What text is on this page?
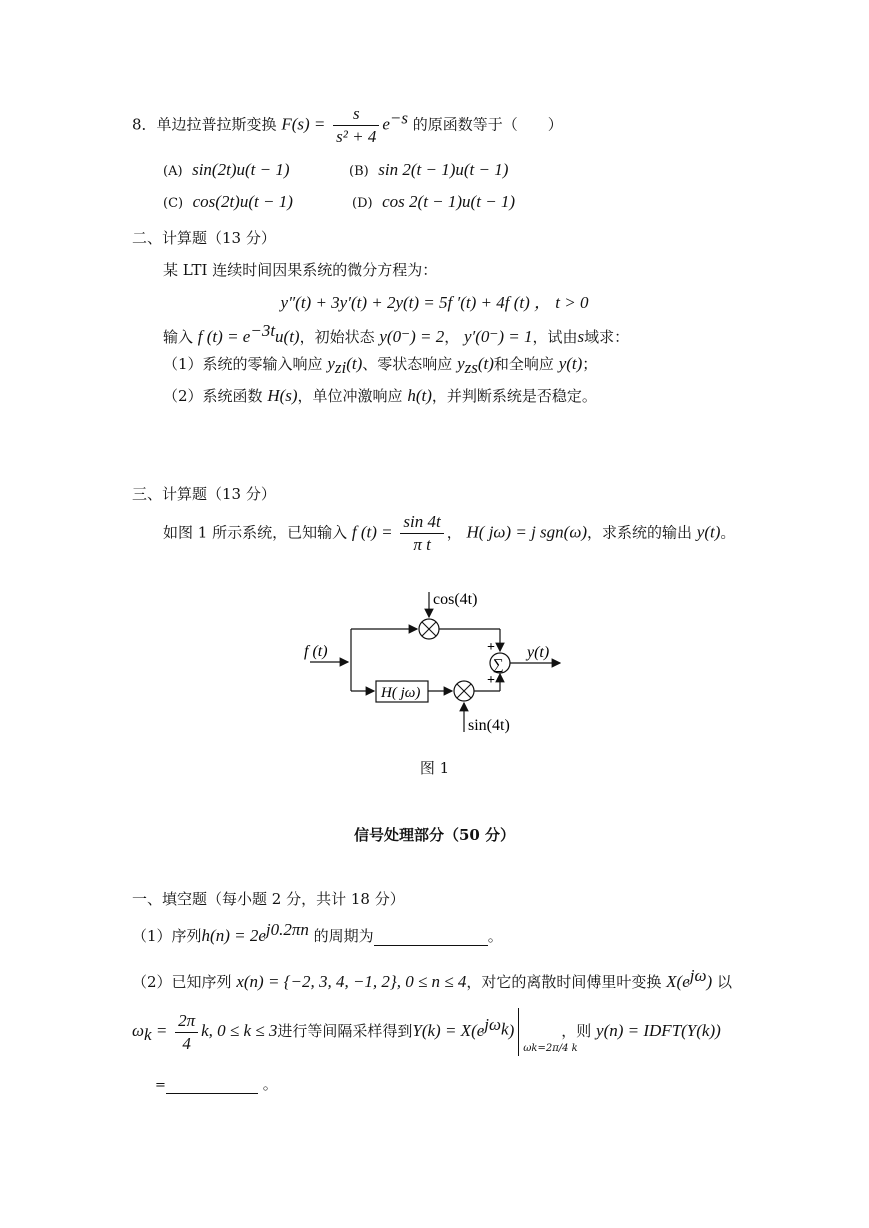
8．单边拉普拉斯变换 $F(s) = \frac{s}{\text{s² + 4}} e^{-s}$ 的原函数等于（　　）
(A) sin(2t)u(t − 1)	(B) sin 2(t − 1)u(t − 1)
(C) cos(2t)u(t − 1)	(D) cos 2(t − 1)u(t − 1)
二、计算题（13 分）
某 LTI 连续时间因果系统的微分方程为：
y″(t) + 3y′(t) + 2y(t) = 5f ′(t) + 4f (t) ， t > 0
输入 f $(t) = e^{-3t}u(t)$，初始状态 y(0⁻) = 2， y′(0⁻) = 1，试由s域求：
（1）系统的零输入响应 $y_{zi}(t)$、零状态响应 $y_{zs}(t)$和全响应 y(t)；
（2）系统函数 H(s)，单位冲激响应 h(t)，并判断系统是否稳定。
三、计算题（13 分）
如图 1 所示系统，已知输入 f $(t) = \frac{\sin 4t}{\text{π t}}$ ， H( jω) = j sgn(ω)，求系统的输出 y(t)。
cos(4t)
H( jω)
sin(4t)
∑
+
+
y(t)
f (t)
图 1
信号处理部分（50 分）
一、填空题（每小题 2 分，共计 18 分）
（1）序列$h(n) = 2e^{j0.2\pi n}$ 的周期为	。
（2）已知序列 x(n) = {−2, 3, 4, −1, 2}, 0 ≤ n ≤ 4，对它的离散时间傅里叶变换 $X(e^{j\omega})$ 以
$\omega_k = \frac{2\pi}{4} k$, 0 ≤ k ≤ 3进行等间隔采样得到$Y(k) = X(e^{j\omega_k})$
ωk=2π/4 k
，则 y(n) = IDFT(Y(k))
=	。
